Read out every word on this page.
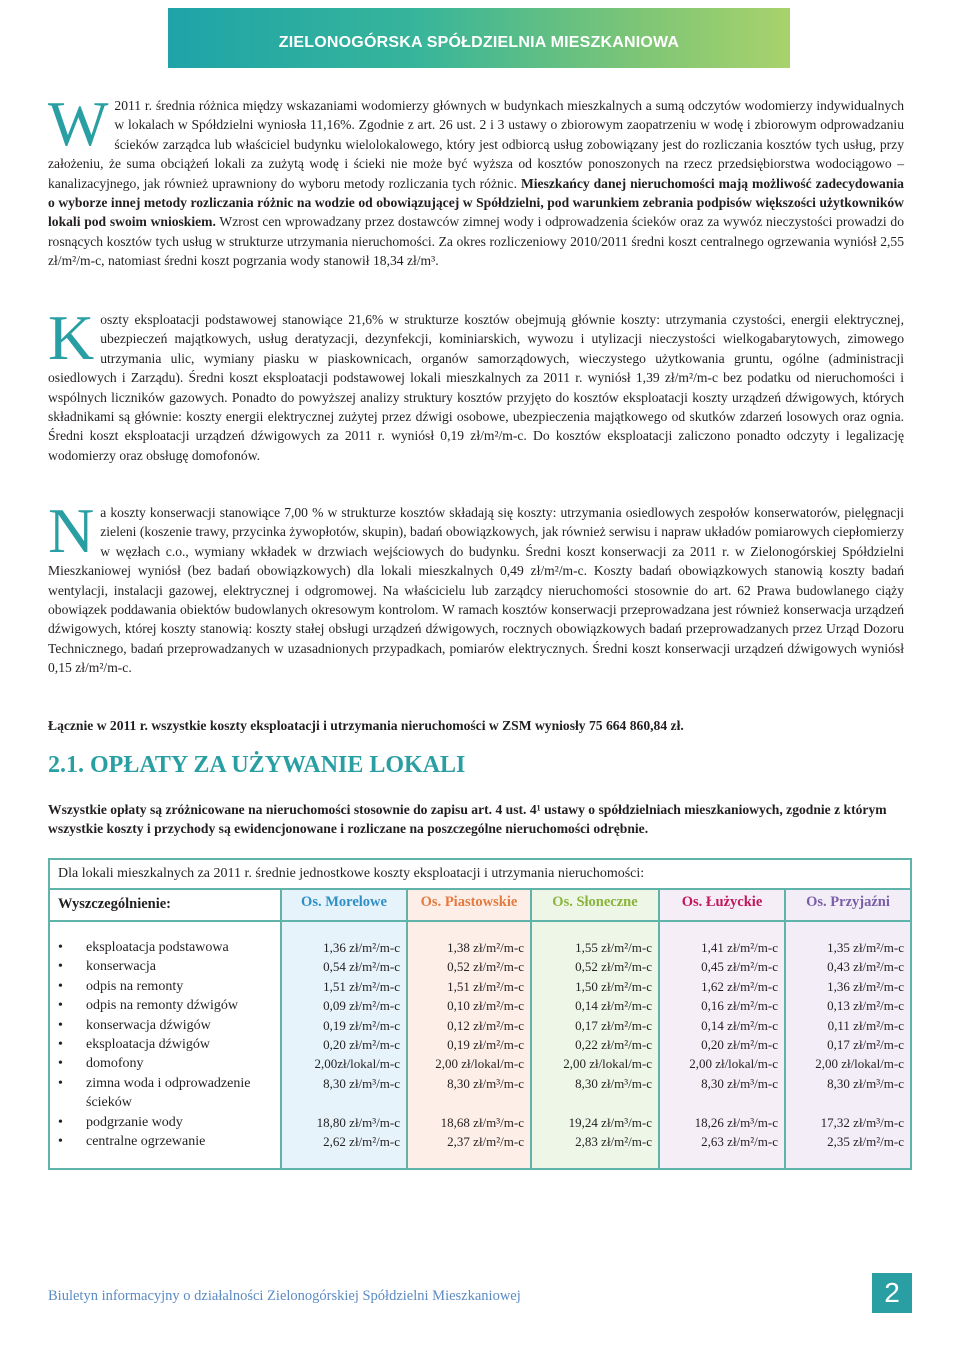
ZIELONOGÓRSKA SPÓŁDZIELNIA MIESZKANIOWA
W 2011 r. średnia różnica między wskazaniami wodomierzy głównych w budynkach mieszkalnych a sumą odczytów wodomierzy indywidualnych w lokalach w Spółdzielni wyniosła 11,16%. Zgodnie z art. 26 ust. 2 i 3 ustawy o zbiorowym zaopatrzeniu w wodę i zbiorowym odprowadzaniu ścieków zarządca lub właściciel budynku wielolokalowego, który jest odbiorcą usług zobowiązany jest do rozliczania kosztów tych usług, przy założeniu, że suma obciążeń lokali za zużytą wodę i ścieki nie może być wyższa od kosztów ponoszonych na rzecz przedsiębiorstwa wodociągowo – kanalizacyjnego, jak również uprawniony do wyboru metody rozliczania tych różnic. Mieszkańcy danej nieruchomości mają możliwość zadecydowania o wyborze innej metody rozliczania różnic na wodzie od obowiązującej w Spółdzielni, pod warunkiem zebrania podpisów większości użytkowników lokali pod swoim wnioskiem. Wzrost cen wprowadzany przez dostawców zimnej wody i odprowadzenia ścieków oraz za wywóz nieczystości prowadzi do rosnących kosztów tych usług w strukturze utrzymania nieruchomości. Za okres rozliczeniowy 2010/2011 średni koszt centralnego ogrzewania wyniósł 2,55 zł/m²/m-c, natomiast średni koszt pogrzania wody stanowił 18,34 zł/m³.
K oszty eksploatacji podstawowej stanowiące 21,6% w strukturze kosztów obejmują głównie koszty: utrzymania czystości, energii elektrycznej, ubezpieczeń majątkowych, usług deratyzacji, dezynfekcji, kominiarskich, wywozu i utylizacji nieczystości wielkogabarytowych, zimowego utrzymania ulic, wymiany piasku w piaskownicach, organów samorządowych, wieczystego użytkowania gruntu, ogólne (administracji osiedlowych i Zarządu). Średni koszt eksploatacji podstawowej lokali mieszkalnych za 2011 r. wyniósł 1,39 zł/m²/m-c bez podatku od nieruchomości i wspólnych liczników gazowych. Ponadto do powyższej analizy struktury kosztów przyjęto do kosztów eksploatacji koszty urządzeń dźwigowych, których składnikami są głównie: koszty energii elektrycznej zużytej przez dźwigi osobowe, ubezpieczenia majątkowego od skutków zdarzeń losowych oraz ognia. Średni koszt eksploatacji urządzeń dźwigowych za 2011 r. wyniósł 0,19 zł/m²/m-c. Do kosztów eksploatacji zaliczono ponadto odczyty i legalizację wodomierzy oraz obsługę domofonów.
N a koszty konserwacji stanowiące 7,00 % w strukturze kosztów składają się koszty: utrzymania osiedlowych zespołów konserwatorów, pielęgnacji zieleni (koszenie trawy, przycinka żywopłotów, skupin), badań obowiązkowych, jak również serwisu i napraw układów pomiarowych ciepłomierzy w węzłach c.o., wymiany wkładek w drzwiach wejściowych do budynku. Średni koszt konserwacji za 2011 r. w Zielonogórskiej Spółdzielni Mieszkaniowej wyniósł (bez badań obowiązkowych) dla lokali mieszkalnych 0,49 zł/m²/m-c. Koszty badań obowiązkowych stanowią koszty badań wentylacji, instalacji gazowej, elektrycznej i odgromowej. Na właścicielu lub zarządcy nieruchomości stosownie do art. 62 Prawa budowlanego ciąży obowiązek poddawania obiektów budowlanych okresowym kontrolom. W ramach kosztów konserwacji przeprowadzana jest również konserwacja urządzeń dźwigowych, której koszty stanowią: koszty stałej obsługi urządzeń dźwigowych, rocznych obowiązkowych badań przeprowadzanych przez Urząd Dozoru Technicznego, badań przeprowadzanych w uzasadnionych przypadkach, pomiarów elektrycznych. Średni koszt konserwacji urządzeń dźwigowych wyniósł 0,15 zł/m²/m-c.
Łącznie w 2011 r. wszystkie koszty eksploatacji i utrzymania nieruchomości w ZSM wyniosły 75 664 860,84 zł.
2.1. OPŁATY ZA UŻYWANIE LOKALI
Wszystkie opłaty są zróżnicowane na nieruchomości stosownie do zapisu art. 4 ust. 4¹ ustawy o spółdzielniach mieszkaniowych, zgodnie z którym wszystkie koszty i przychody są ewidencjonowane i rozliczane na poszczególne nieruchomości odrębnie.
Dla lokali mieszkalnych za 2011 r. średnie jednostkowe koszty eksploatacji i utrzymania nieruchomości:
Wyszczególnienie:
• eksploatacja podstawowa
• konserwacja
• odpis na remonty
• odpis na remonty dźwigów
• konserwacja dźwigów
• eksploatacja dźwigów
• domofony
• zimna woda i odprowadzenie ścieków
• podgrzanie wody
• centralne ogrzewanie
Os. Morelowe
1,36 zł/m²/m-c
0,54 zł/m²/m-c
1,51 zł/m²/m-c
0,09 zł/m²/m-c
0,19 zł/m²/m-c
0,20 zł/m²/m-c
2,00zł/lokal/m-c
8,30 zł/m³/m-c
18,80 zł/m³/m-c
2,62 zł/m²/m-c
Os. Piastowskie
1,38 zł/m²/m-c
0,52 zł/m²/m-c
1,51 zł/m²/m-c
0,10 zł/m²/m-c
0,12 zł/m²/m-c
0,19 zł/m²/m-c
2,00 zł/lokal/m-c
8,30 zł/m³/m-c
18,68 zł/m³/m-c
2,37 zł/m²/m-c
Os. Słoneczne
1,55 zł/m²/m-c
0,52 zł/m²/m-c
1,50 zł/m²/m-c
0,14 zł/m²/m-c
0,17 zł/m²/m-c
0,22 zł/m²/m-c
2,00 zł/lokal/m-c
8,30 zł/m³/m-c
19,24 zł/m³/m-c
2,83 zł/m²/m-c
Os. Łużyckie
1,41 zł/m²/m-c
0,45 zł/m²/m-c
1,62 zł/m²/m-c
0,16 zł/m²/m-c
0,14 zł/m²/m-c
0,20 zł/m²/m-c
2,00 zł/lokal/m-c
8,30 zł/m³/m-c
18,26 zł/m³/m-c
2,63 zł/m²/m-c
Os. Przyjaźni
1,35 zł/m²/m-c
0,43 zł/m²/m-c
1,36 zł/m²/m-c
0,13 zł/m²/m-c
0,11 zł/m²/m-c
0,17 zł/m²/m-c
2,00 zł/lokal/m-c
8,30 zł/m³/m-c
17,32 zł/m³/m-c
2,35 zł/m²/m-c
Biuletyn informacyjny o działalności Zielonogórskiej Spółdzielni Mieszkaniowej	2
